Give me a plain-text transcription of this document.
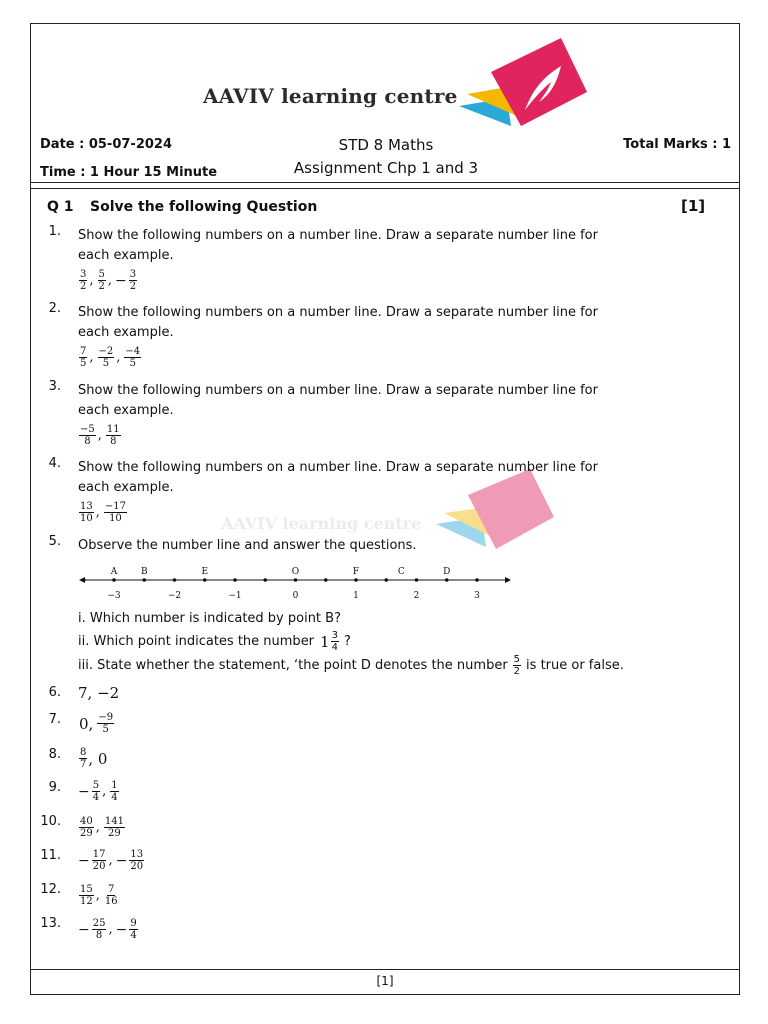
AAVIV learning centre
Date : 05-07-2024	STD 8 Maths	Total Marks : 1
Time : 1 Hour 15 Minute	Assignment Chp 1 and 3
Q 1 Solve the following Question	[1]
AAVIV learning centre
1. Show the following numbers on a number line. Draw a separate number line for
each example.
$\frac{3}{2}$ , $\frac{5}{2}$ , − $\frac{3}{2}$
2. Show the following numbers on a number line. Draw a separate number line for
each example.
$\frac{7}{5}$ , $\frac{-2}{5}$ , $\frac{-4}{5}$
3. Show the following numbers on a number line. Draw a separate number line for
each example.
$\frac{-5}{8}$ , $\frac{11}{8}$
4. Show the following numbers on a number line. Draw a separate number line for
each example.
$\frac{13}{10}$ , $\frac{-17}{10}$
5. Observe the number line and answer the questions.
−3	−2	−1	0	1	2	3
A	B	E	O	F	C	D
i. Which number is indicated by point B?
ii. Which point indicates the number $1 \frac{3}{4}$ ?
iii. State whether the statement, ‘the point D denotes the number $\frac{5}{2}$ is true or false.
6. 7, −2
7. 0, $\frac{-9}{5}$
8. $\frac{8}{7}$ , 0
9. − $\frac{5}{4}$ , $\frac{1}{4}$
10. $\frac{40}{29}$ , $\frac{141}{29}$
11. − $\frac{17}{20}$ , − $\frac{13}{20}$
12. $\frac{15}{12}$ , $\frac{7}{16}$
13. − $\frac{25}{8}$ , − $\frac{9}{4}$
[1]
